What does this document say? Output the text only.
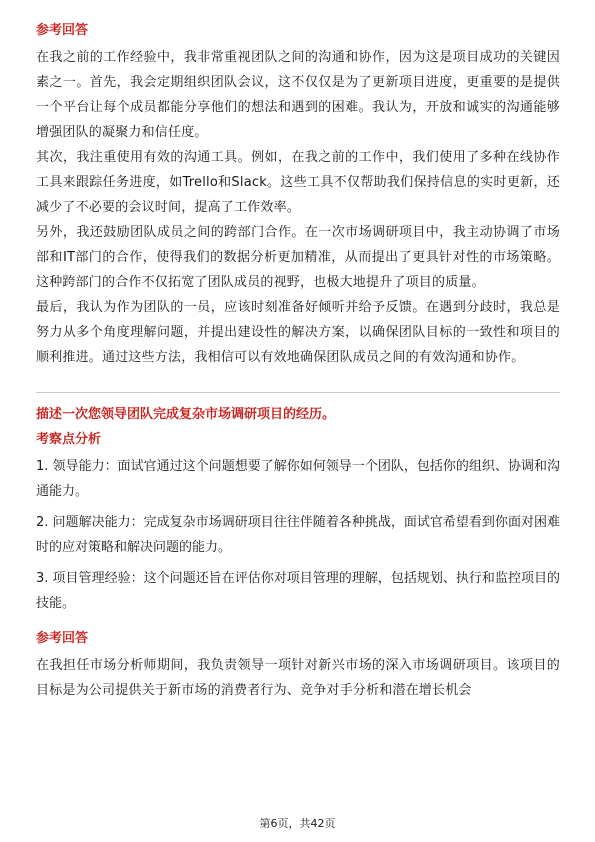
参考回答

在我之前的工作经验中，我非常重视团队之间的沟通和协作，因为这是项目成功的关键因素之一。首先，我会定期组织团队会议，这不仅仅是为了更新项目进度，更重要的是提供一个平台让每个成员都能分享他们的想法和遇到的困难。我认为，开放和诚实的沟通能够增强团队的凝聚力和信任度。

其次，我注重使用有效的沟通工具。例如，在我之前的工作中，我们使用了多种在线协作工具来跟踪任务进度，如Trello和Slack。这些工具不仅帮助我们保持信息的实时更新，还减少了不必要的会议时间，提高了工作效率。

另外，我还鼓励团队成员之间的跨部门合作。在一次市场调研项目中，我主动协调了市场部和IT部门的合作，使得我们的数据分析更加精准，从而提出了更具针对性的市场策略。这种跨部门的合作不仅拓宽了团队成员的视野，也极大地提升了项目的质量。

最后，我认为作为团队的一员，应该时刻准备好倾听并给予反馈。在遇到分歧时，我总是努力从多个角度理解问题，并提出建设性的解决方案，以确保团队目标的一致性和项目的顺利推进。通过这些方法，我相信可以有效地确保团队成员之间的有效沟通和协作。

描述一次您领导团队完成复杂市场调研项目的经历。
考察点分析

1. 领导能力：面试官通过这个问题想要了解你如何领导一个团队，包括你的组织、协调和沟通能力。

2. 问题解决能力：完成复杂市场调研项目往往伴随着各种挑战，面试官希望看到你面对困难时的应对策略和解决问题的能力。

3. 项目管理经验：这个问题还旨在评估你对项目管理的理解，包括规划、执行和监控项目的技能。

参考回答

在我担任市场分析师期间，我负责领导一项针对新兴市场的深入市场调研项目。该项目的目标是为公司提供关于新市场的消费者行为、竞争对手分析和潜在增长机会

第6页，共42页
